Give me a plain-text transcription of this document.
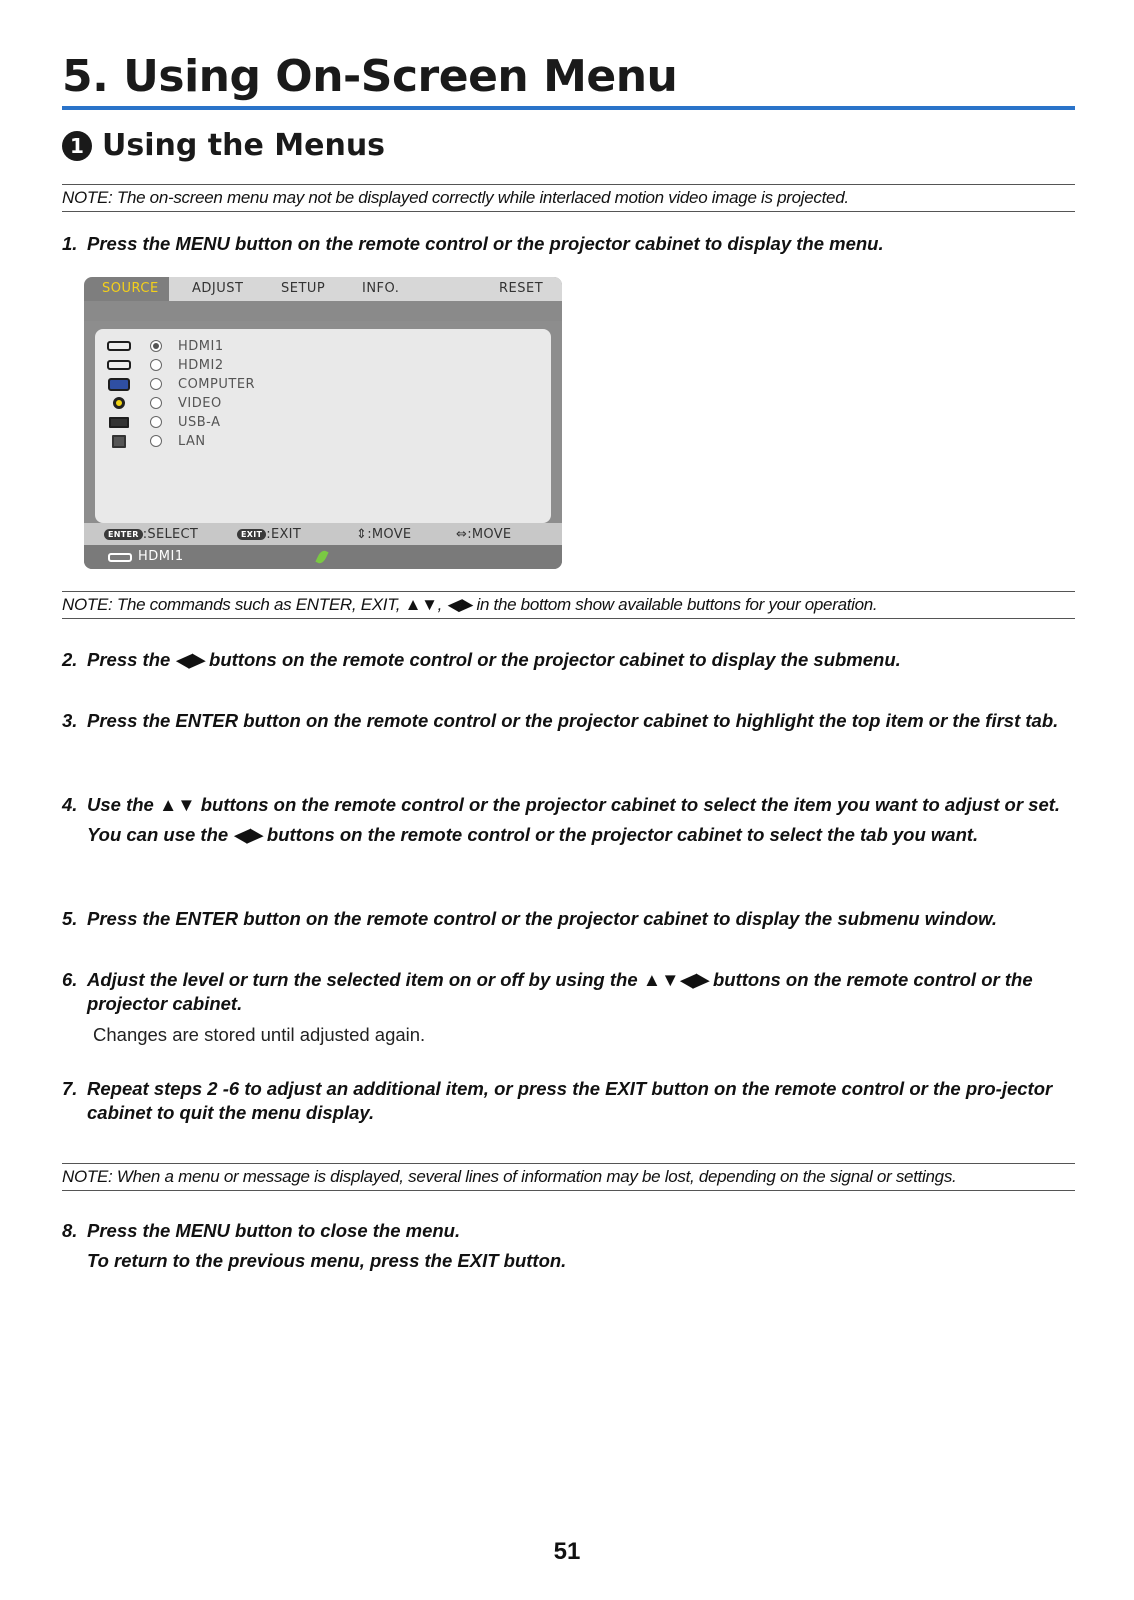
5. Using On-Screen Menu
1 Using the Menus
NOTE: The on-screen menu may not be displayed correctly while interlaced motion video image is projected.
1. Press the MENU button on the remote control or the projector cabinet to display the menu.
SOURCE	ADJUST	SETUP	INFO.	RESET
HDMI1
HDMI2
COMPUTER
VIDEO
USB-A
LAN
ENTER :SELECT	EXIT :EXIT	⇕:MOVE	⇔:MOVE
HDMI1
NOTE: The commands such as ENTER, EXIT, ▲▼, ◀▶ in the bottom show available buttons for your operation.
2. Press the ◀▶ buttons on the remote control or the projector cabinet to display the submenu.
3. Press the ENTER button on the remote control or the projector cabinet to highlight the top item or the first tab.
4. Use the ▲▼ buttons on the remote control or the projector cabinet to select the item you want to adjust or set.
You can use the ◀▶ buttons on the remote control or the projector cabinet to select the tab you want.
5. Press the ENTER button on the remote control or the projector cabinet to display the submenu window.
6. Adjust the level or turn the selected item on or off by using the ▲▼◀▶ buttons on the remote control or the projector cabinet.
Changes are stored until adjusted again.
7. Repeat steps 2 -6 to adjust an additional item, or press the EXIT button on the remote control or the pro-jector cabinet to quit the menu display.
NOTE: When a menu or message is displayed, several lines of information may be lost, depending on the signal or settings.
8. Press the MENU button to close the menu.
To return to the previous menu, press the EXIT button.
51
